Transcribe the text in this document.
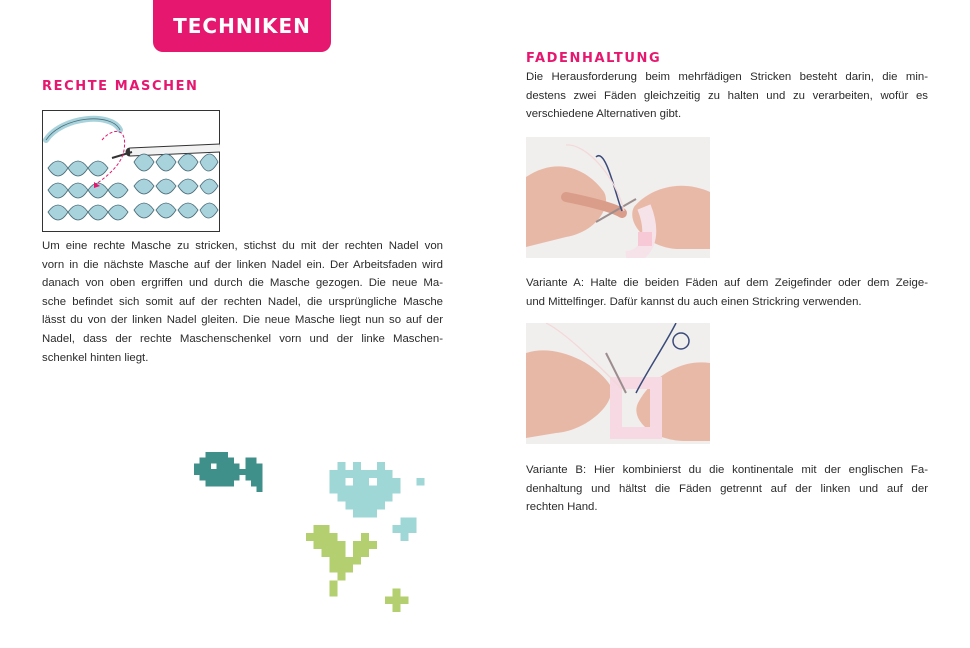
TECHNIKEN
RECHTE MASCHEN
Um eine rechte Masche zu stricken, stichst du mit der rechten Nadel von
vorn in die nächste Masche auf der linken Nadel ein. Der Arbeitsfaden wird
danach von oben ergriffen und durch die Masche gezogen. Die neue Ma-
sche befindet sich somit auf der rechten Nadel, die ursprüngliche Masche
lässt du von der linken Nadel gleiten. Die neue Masche liegt nun so auf der
Nadel, dass der rechte Maschenschenkel vorn und der linke Maschen-
schenkel hinten liegt.
FADENHALTUNG
Die Herausforderung beim mehrfädigen Stricken besteht darin, die min-
destens zwei Fäden gleichzeitig zu halten und zu verarbeiten, wofür es
verschiedene Alternativen gibt.
Variante A: Halte die beiden Fäden auf dem Zeigefinder oder dem Zeige-
und Mittelfinger. Dafür kannst du auch einen Strickring verwenden.
Variante B: Hier kombinierst du die kontinentale mit der englischen Fa-
denhaltung und hältst die Fäden getrennt auf der linken und auf der
rechten Hand.
